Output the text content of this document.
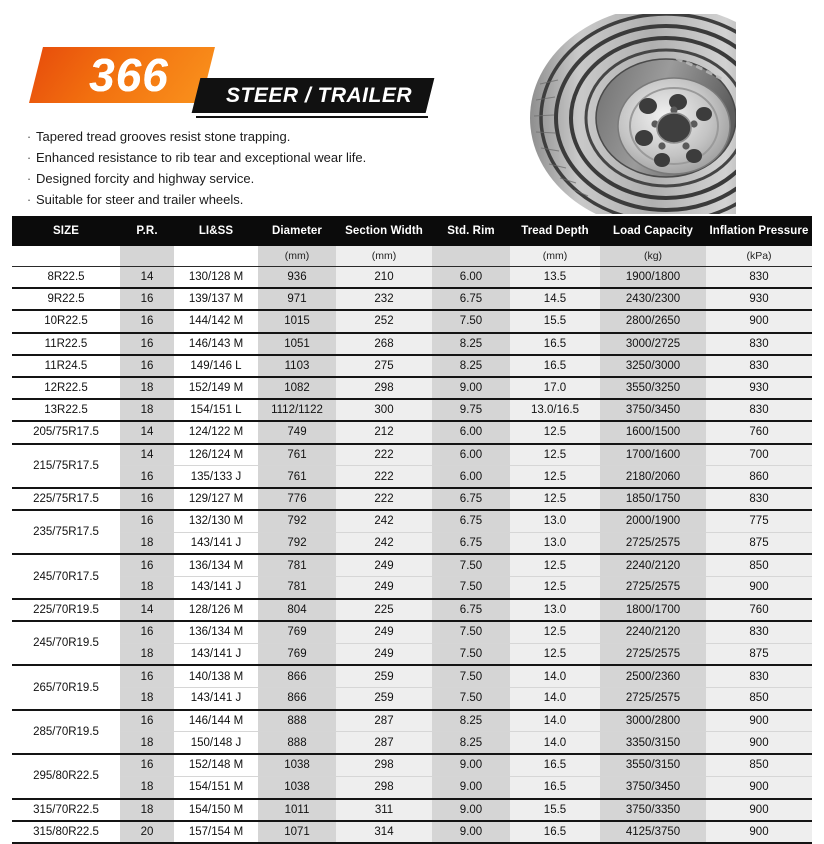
366	STEER / TRAILER
· Tapered tread grooves resist stone trapping.
· Enhanced resistance to rib tear and exceptional wear life.
· Designed forcity and highway service.
· Suitable for steer and trailer wheels.
SIZE	P.R.	LI&SS	Diameter	Section Width	Std. Rim	Tread Depth	Load Capacity	Inflation Pressure
			(mm)	(mm)		(mm)	(kg)	(kPa)
8R22.5	14	130/128 M	936	210	6.00	13.5	1900/1800	830
9R22.5	16	139/137 M	971	232	6.75	14.5	2430/2300	930
10R22.5	16	144/142 M	1015	252	7.50	15.5	2800/2650	900
11R22.5	16	146/143 M	1051	268	8.25	16.5	3000/2725	830
11R24.5	16	149/146 L	1103	275	8.25	16.5	3250/3000	830
12R22.5	18	152/149 M	1082	298	9.00	17.0	3550/3250	930
13R22.5	18	154/151 L	1112/1122	300	9.75	13.0/16.5	3750/3450	830
205/75R17.5	14	124/122 M	749	212	6.00	12.5	1600/1500	760
215/75R17.5	14	126/124 M	761	222	6.00	12.5	1700/1600	700
	16	135/133 J	761	222	6.00	12.5	2180/2060	860
225/75R17.5	16	129/127 M	776	222	6.75	12.5	1850/1750	830
235/75R17.5	16	132/130 M	792	242	6.75	13.0	2000/1900	775
	18	143/141 J	792	242	6.75	13.0	2725/2575	875
245/70R17.5	16	136/134 M	781	249	7.50	12.5	2240/2120	850
	18	143/141 J	781	249	7.50	12.5	2725/2575	900
225/70R19.5	14	128/126 M	804	225	6.75	13.0	1800/1700	760
245/70R19.5	16	136/134 M	769	249	7.50	12.5	2240/2120	830
	18	143/141 J	769	249	7.50	12.5	2725/2575	875
265/70R19.5	16	140/138 M	866	259	7.50	14.0	2500/2360	830
	18	143/141 J	866	259	7.50	14.0	2725/2575	850
285/70R19.5	16	146/144 M	888	287	8.25	14.0	3000/2800	900
	18	150/148 J	888	287	8.25	14.0	3350/3150	900
295/80R22.5	16	152/148 M	1038	298	9.00	16.5	3550/3150	850
	18	154/151 M	1038	298	9.00	16.5	3750/3450	900
315/70R22.5	18	154/150 M	1011	311	9.00	15.5	3750/3350	900
315/80R22.5	20	157/154 M	1071	314	9.00	16.5	4125/3750	900
